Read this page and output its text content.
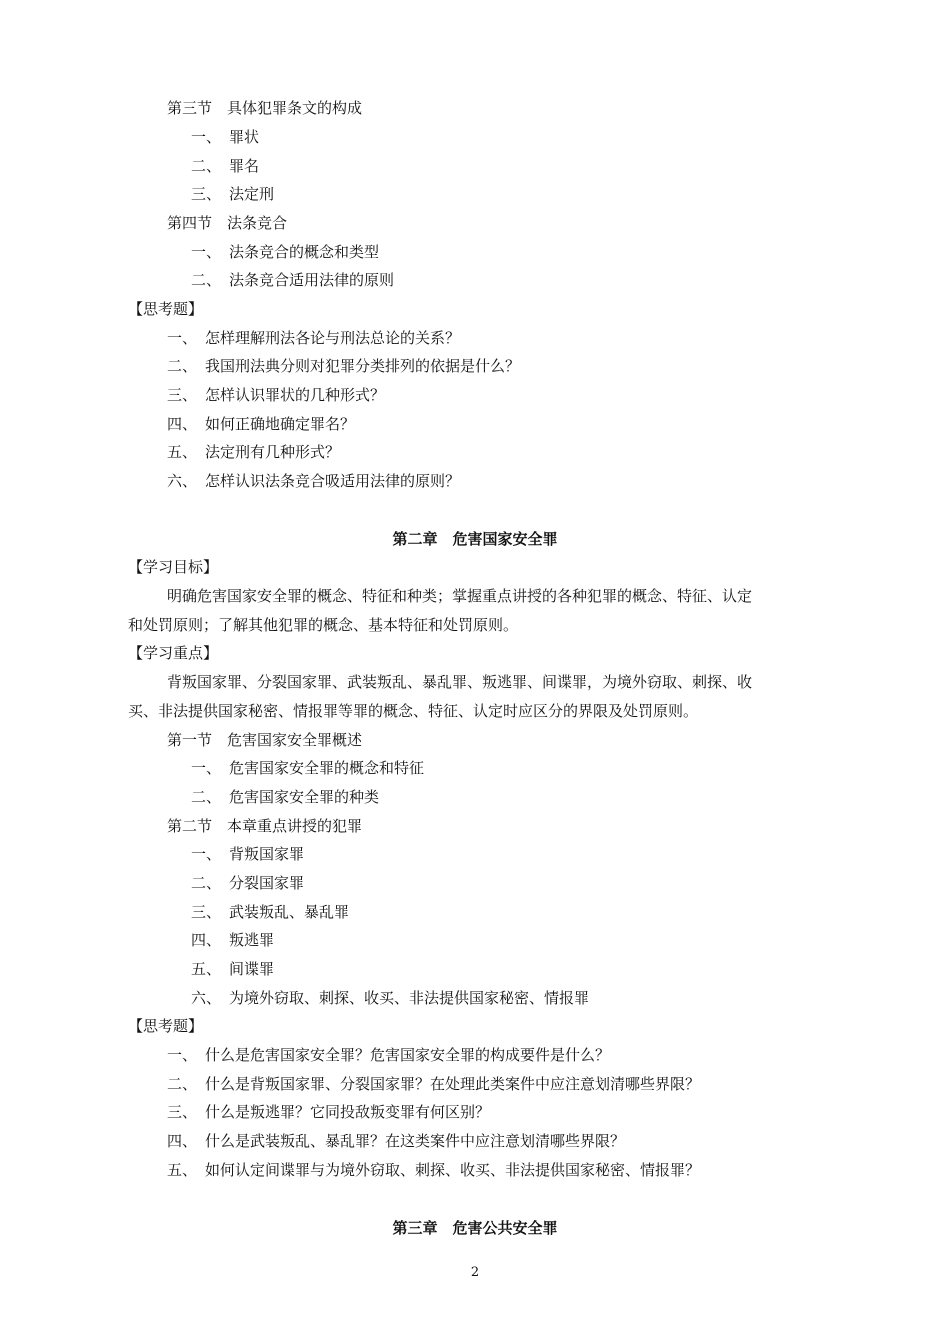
第三节　具体犯罪条文的构成
一、 罪状
二、 罪名
三、 法定刑
第四节　法条竞合
一、 法条竞合的概念和类型
二、 法条竞合适用法律的原则
【思考题】
一、 怎样理解刑法各论与刑法总论的关系？
二、 我国刑法典分则对犯罪分类排列的依据是什么？
三、 怎样认识罪状的几种形式？
四、 如何正确地确定罪名？
五、 法定刑有几种形式？
六、 怎样认识法条竞合吸适用法律的原则？
第二章　危害国家安全罪
【学习目标】
明确危害国家安全罪的概念、特征和种类；掌握重点讲授的各种犯罪的概念、特征、认定
和处罚原则；了解其他犯罪的概念、基本特征和处罚原则。
【学习重点】
背叛国家罪、分裂国家罪、武装叛乱、暴乱罪、叛逃罪、间谍罪，为境外窃取、刺探、收
买、非法提供国家秘密、情报罪等罪的概念、特征、认定时应区分的界限及处罚原则。
第一节　危害国家安全罪概述
一、 危害国家安全罪的概念和特征
二、 危害国家安全罪的种类
第二节　本章重点讲授的犯罪
一、 背叛国家罪
二、 分裂国家罪
三、 武装叛乱、暴乱罪
四、 叛逃罪
五、 间谍罪
六、 为境外窃取、刺探、收买、非法提供国家秘密、情报罪
【思考题】
一、 什么是危害国家安全罪？危害国家安全罪的构成要件是什么？
二、 什么是背叛国家罪、分裂国家罪？在处理此类案件中应注意划清哪些界限？
三、 什么是叛逃罪？它同投敌叛变罪有何区别？
四、 什么是武装叛乱、暴乱罪？在这类案件中应注意划清哪些界限？
五、 如何认定间谍罪与为境外窃取、刺探、收买、非法提供国家秘密、情报罪？
第三章　危害公共安全罪
2
